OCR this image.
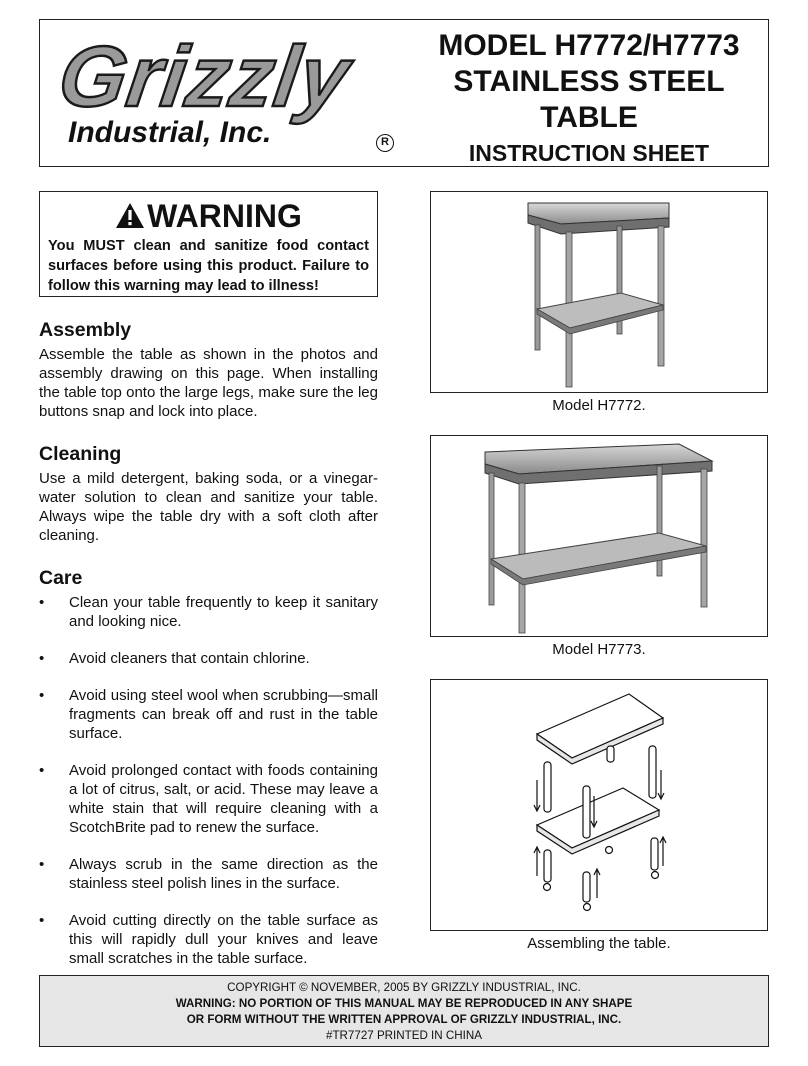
Grizzly
Industrial, Inc.	R
MODEL H7772/H7773
STAINLESS STEEL
TABLE
INSTRUCTION SHEET
WARNING
You MUST clean and sanitize food contact surfaces before using this product. Failure to follow this warning may lead to illness!
Assembly
Assemble the table as shown in the photos and assembly drawing on this page. When installing the table top onto the large legs, make sure the leg buttons snap and lock into place.
Cleaning
Use a mild detergent, baking soda, or a vinegar-water solution to clean and sanitize your table. Always wipe the table dry with a soft cloth after cleaning.
Care
• Clean your table frequently to keep it sanitary and looking nice.
• Avoid cleaners that contain chlorine.
• Avoid using steel wool when scrubbing—small fragments can break off and rust in the table surface.
• Avoid prolonged contact with foods containing a lot of citrus, salt, or acid. These may leave a white stain that will require cleaning with a ScotchBrite pad to renew the surface.
• Always scrub in the same direction as the stainless steel polish lines in the surface.
• Avoid cutting directly on the table surface as this will rapidly dull your knives and leave small scratches in the table surface.
Model H7772.
Model H7773.
Assembling the table.
COPYRIGHT © NOVEMBER, 2005 BY GRIZZLY INDUSTRIAL, INC.
WARNING: NO PORTION OF THIS MANUAL MAY BE REPRODUCED IN ANY SHAPE
OR FORM WITHOUT THE WRITTEN APPROVAL OF GRIZZLY INDUSTRIAL, INC.
#TR7727 PRINTED IN CHINA
